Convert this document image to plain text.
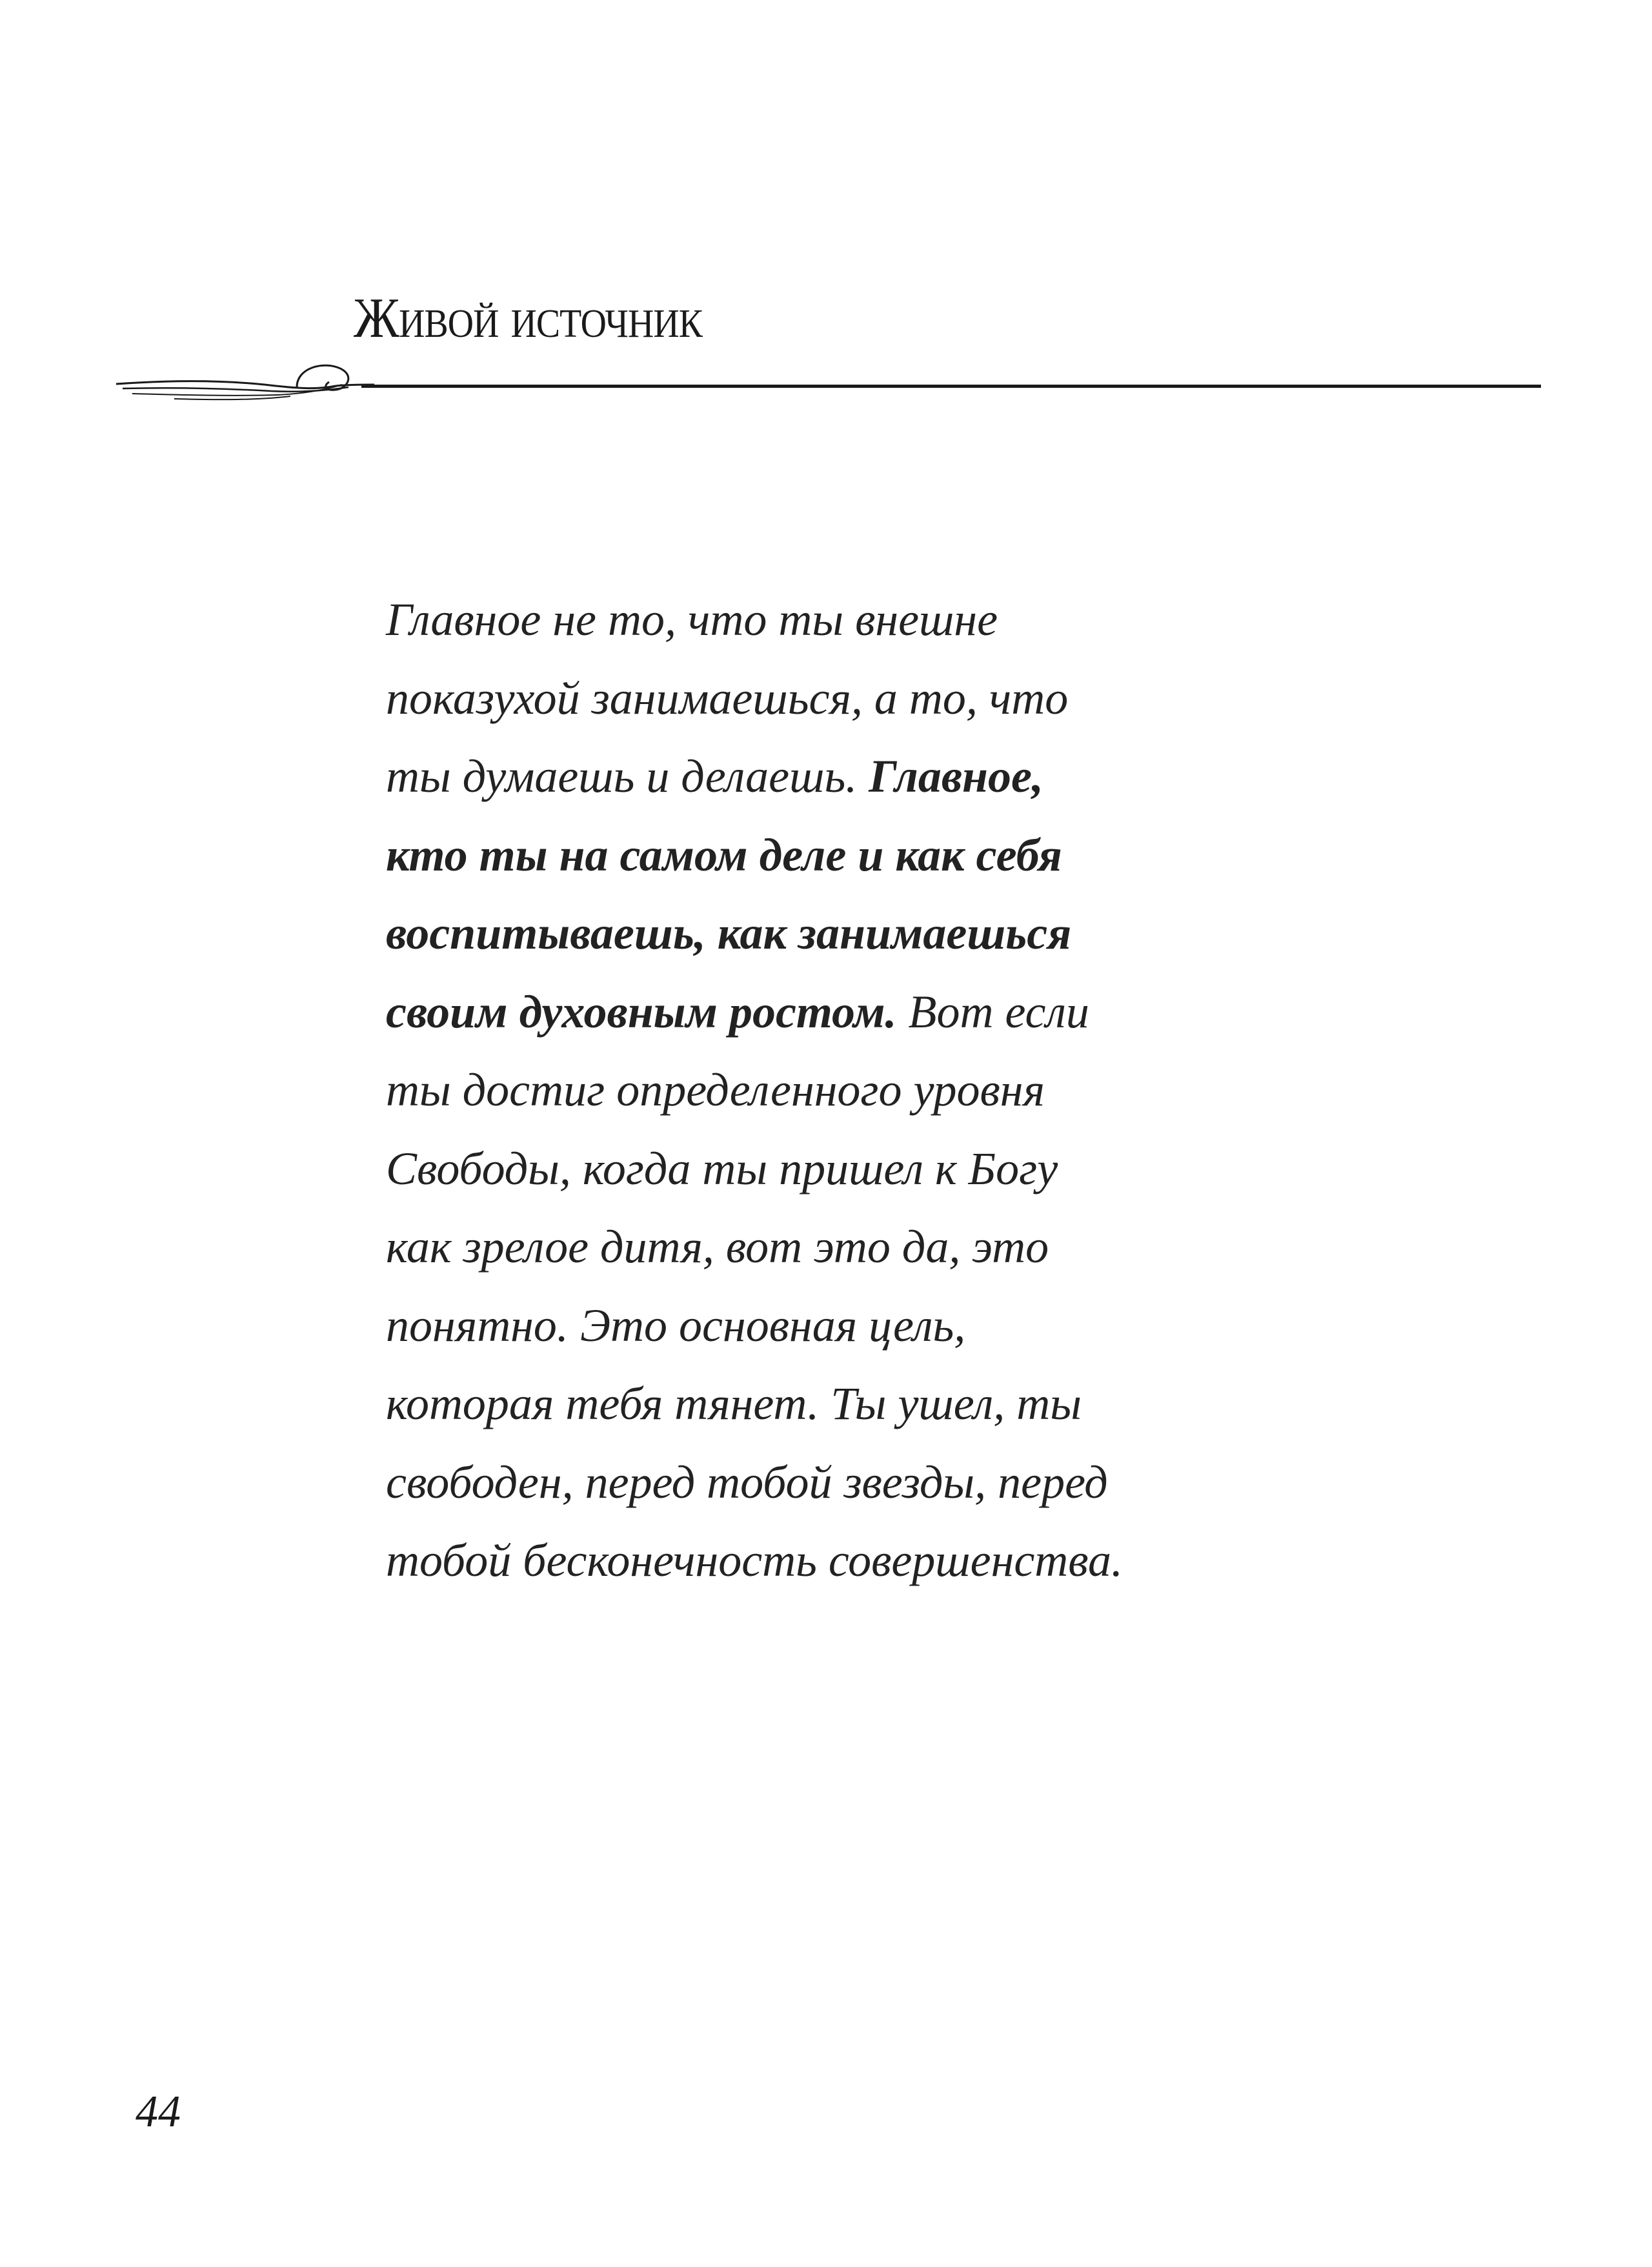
Живой источник
Главное не то, что ты внешне
показухой занимаешься, а то, что
ты думаешь и делаешь. Главное,
кто ты на самом деле и как себя
воспитываешь, как занимаешься
своим духовным ростом. Вот если
ты достиг определенного уровня
Свободы, когда ты пришел к Богу
как зрелое дитя, вот это да, это
понятно. Это основная цель,
которая тебя тянет. Ты ушел, ты
свободен, перед тобой звезды, перед
тобой бесконечность совершенства.
44
